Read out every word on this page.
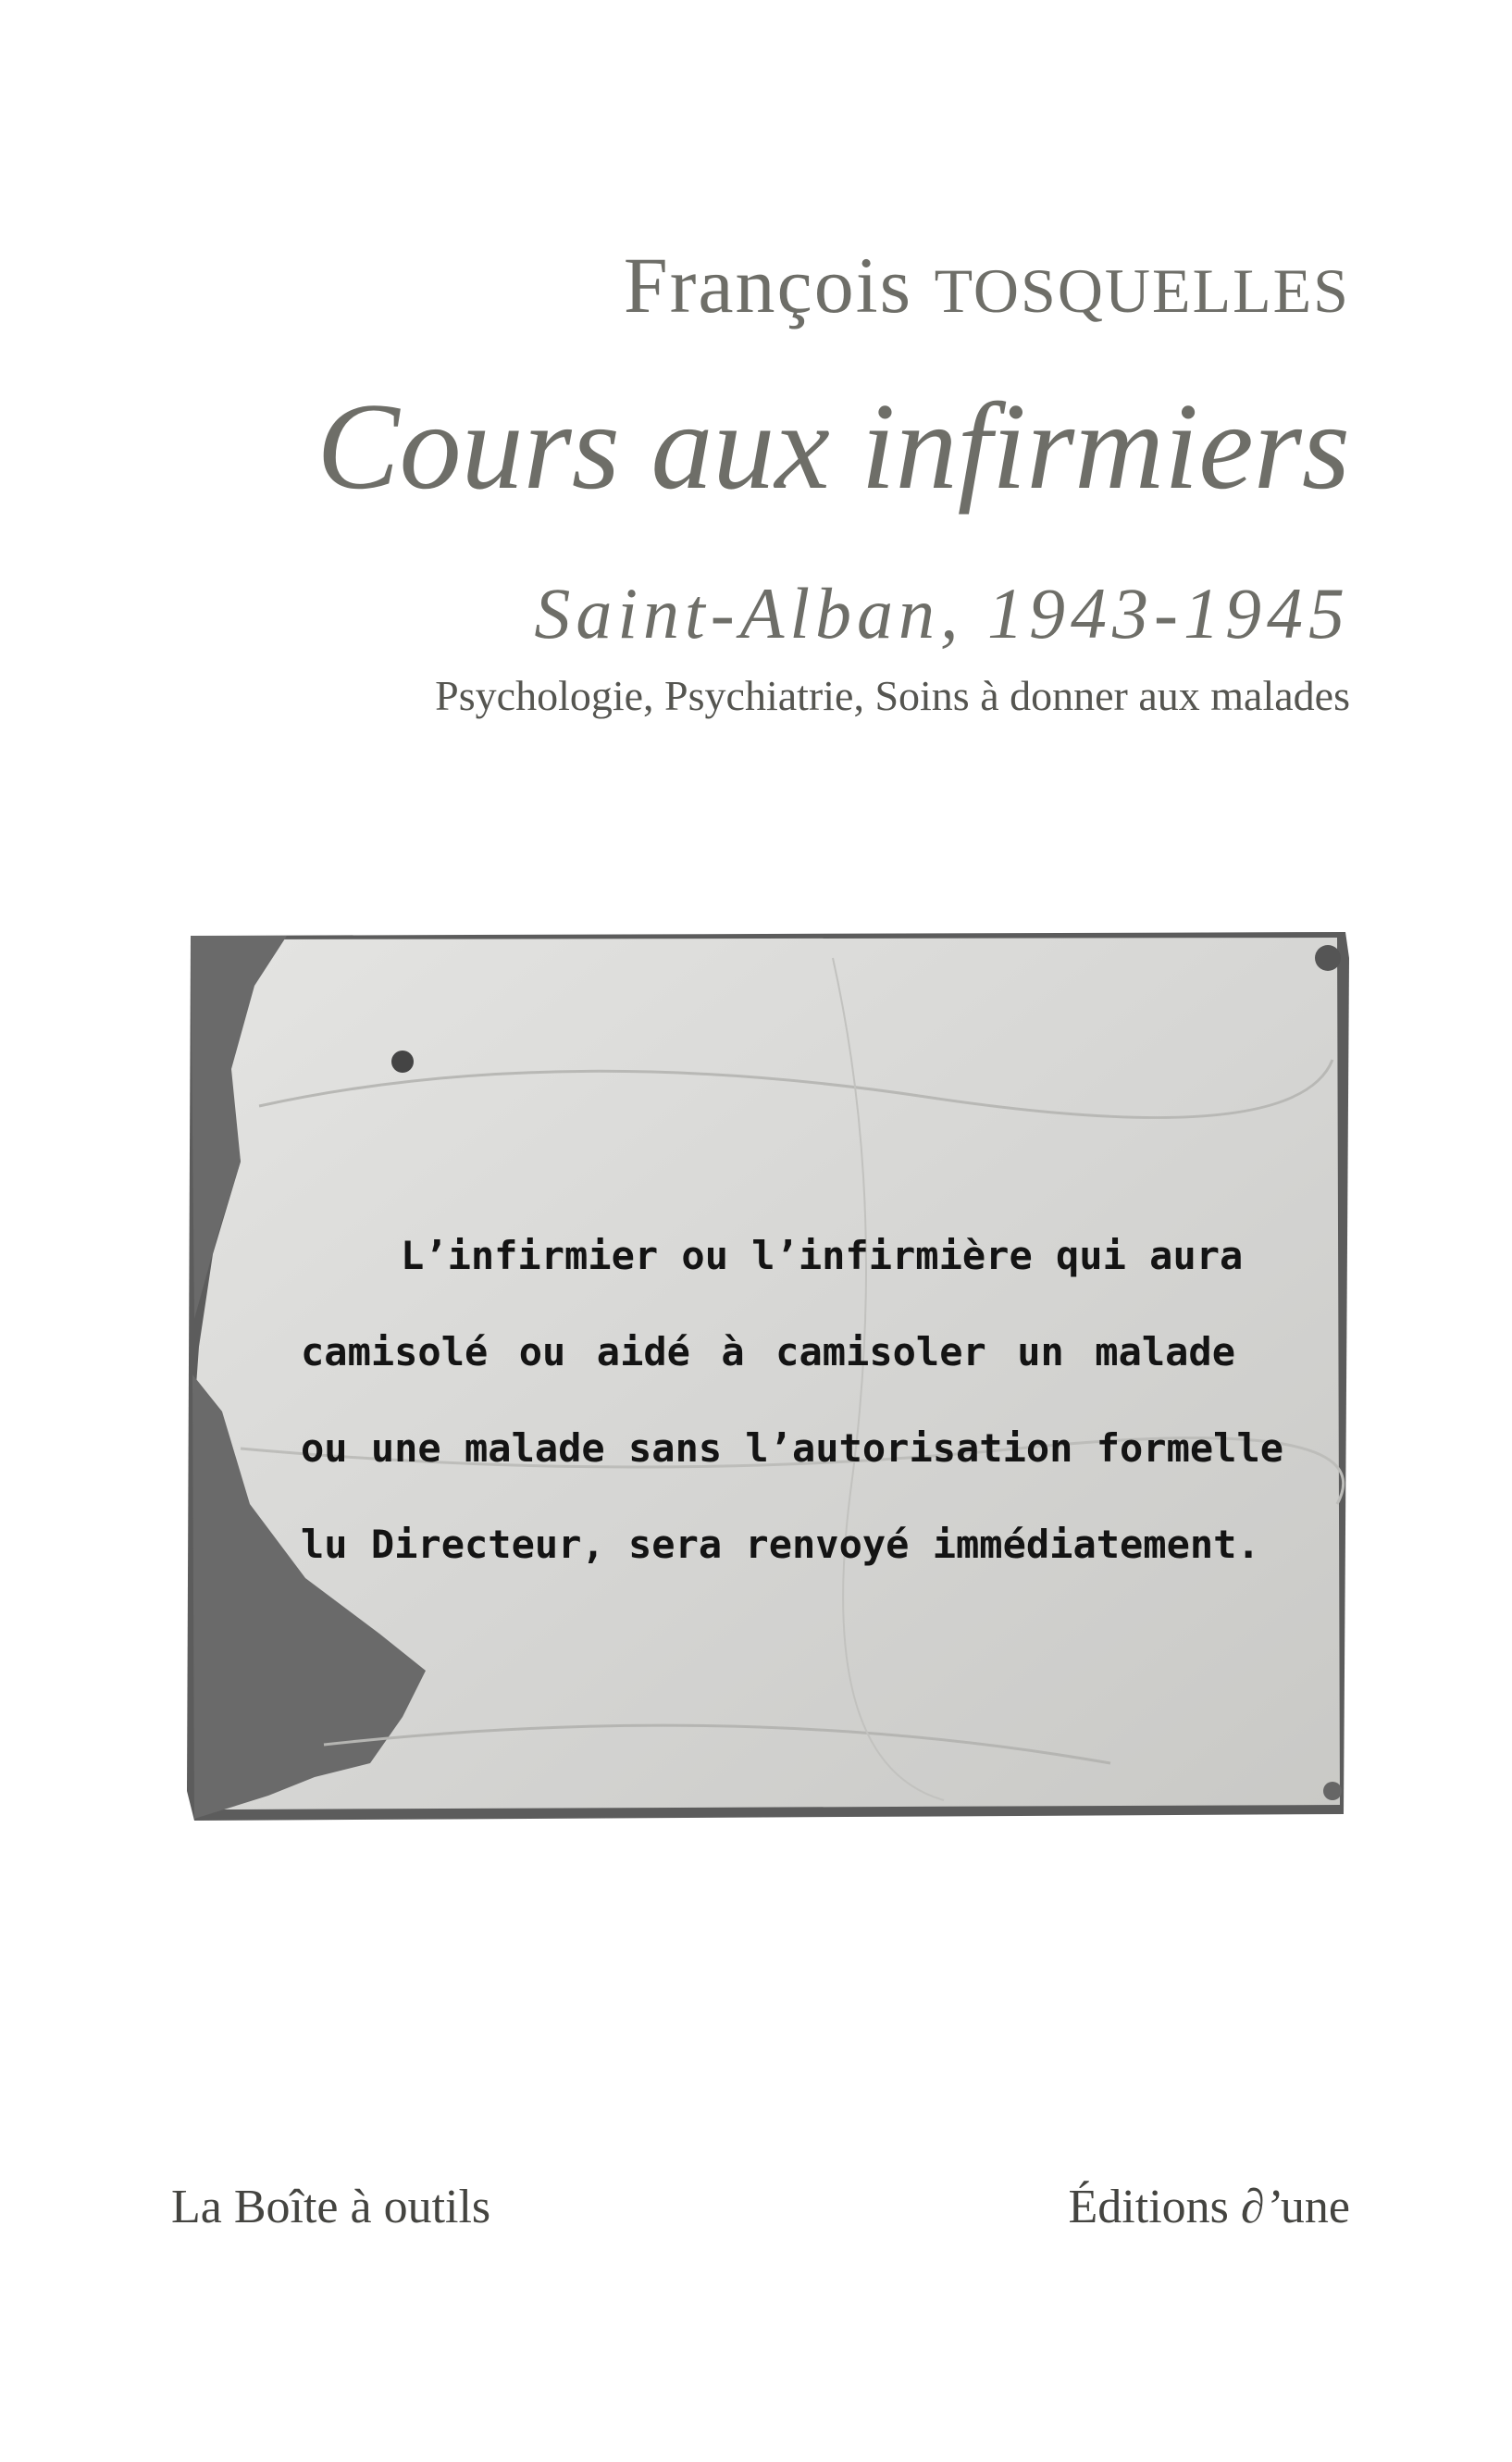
François TOSQUELLES
Cours aux infirmiers
Saint-Alban, 1943-1945
Psychologie, Psychiatrie, Soins à donner aux malades
L’infirmier ou l’infirmière qui aura
camisolé ou aidé à camisoler un malade
ou une malade sans l’autorisation formelle
lu Directeur, sera renvoyé immédiatement.
La Boîte à outils	Éditions ∂’une
